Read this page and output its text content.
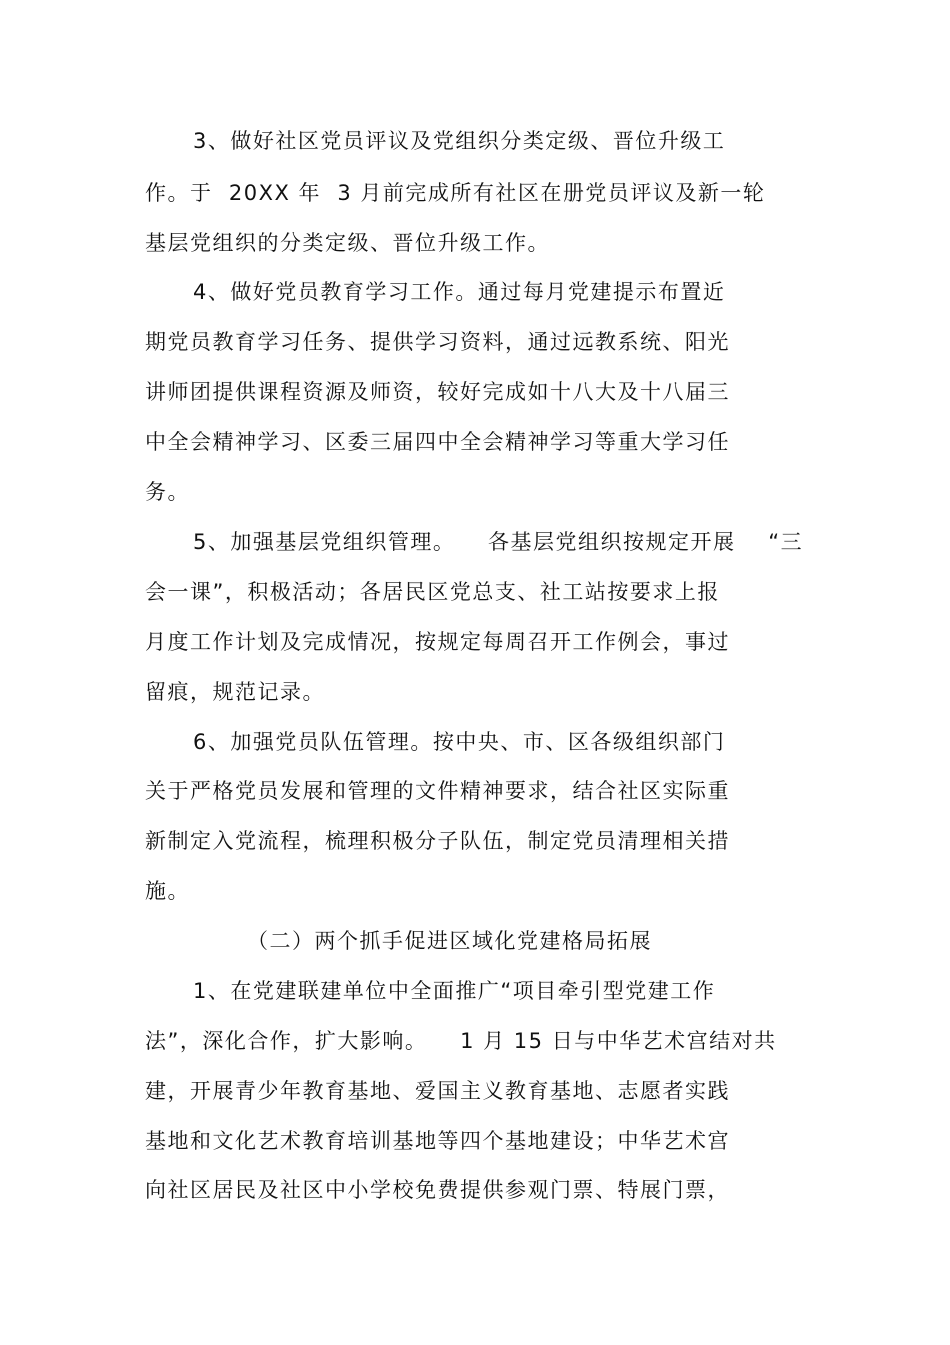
3、做好社区党员评议及党组织分类定级、晋位升级工
作。于  20XX 年  3 月前完成所有社区在册党员评议及新一轮
基层党组织的分类定级、晋位升级工作。
4、做好党员教育学习工作。通过每月党建提示布置近
期党员教育学习任务、提供学习资料，通过远教系统、阳光
讲师团提供课程资源及师资，较好完成如十八大及十八届三
中全会精神学习、区委三届四中全会精神学习等重大学习任
务。
5、加强基层党组织管理。    各基层党组织按规定开展    “三
会一课”，积极活动；各居民区党总支、社工站按要求上报
月度工作计划及完成情况，按规定每周召开工作例会，事过
留痕，规范记录。
6、加强党员队伍管理。按中央、市、区各级组织部门
关于严格党员发展和管理的文件精神要求，结合社区实际重
新制定入党流程，梳理积极分子队伍，制定党员清理相关措
施。
（二）两个抓手促进区域化党建格局拓展
1、在党建联建单位中全面推广“项目牵引型党建工作
法”，深化合作，扩大影响。    1 月 15 日与中华艺术宫结对共
建，开展青少年教育基地、爱国主义教育基地、志愿者实践
基地和文化艺术教育培训基地等四个基地建设；中华艺术宫
向社区居民及社区中小学校免费提供参观门票、特展门票，
